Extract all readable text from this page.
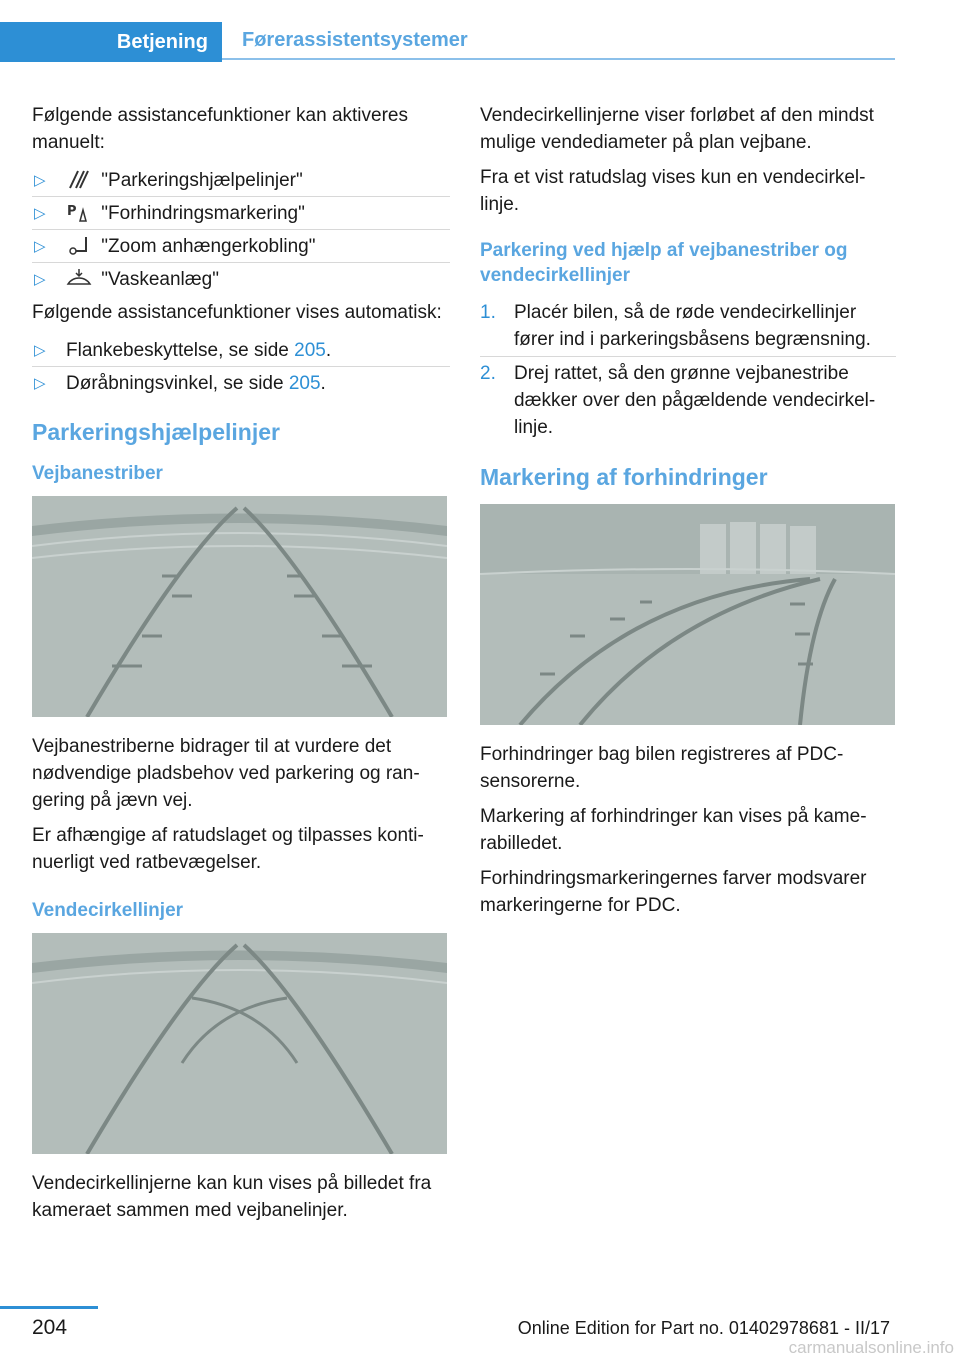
Betjening	Førerassistentsystemer

Følgende assistancefunktioner kan aktiveres manuelt:

▷	"Parkeringshjælpelinjer"
▷ P "Forhindringsmarkering"
▷	"Zoom anhængerkobling"
▷	"Vaskeanlæg"

Følgende assistancefunktioner vises automatisk:

▷ Flankebeskyttelse, se side 205.
▷ Døråbningsvinkel, se side 205.
Parkeringshjælpelinjer
Vejbanestriber

Vejbanestriberne bidrager til at vurdere det nødvendige pladsbehov ved parkering og rangering på jævn vej.

Er afhængige af ratudslaget og tilpasses kontinuerligt ved ratbevægelser.

Vendecirkellinjer

Vendecirkellinjerne kan kun vises på billedet fra kameraet sammen med vejbanelinjer.

Vendecirkellinjerne viser forløbet af den mindst mulige vendediameter på plan vejbane.

Fra et vist ratudslag vises kun en vendecirkellinje.

Parkering ved hjælp af vejbanestriber og vendecirkellinjer
1. Placér bilen, så de røde vendecirkellinjer fører ind i parkeringsbåsens begrænsning.
2. Drej rattet, så den grønne vejbanestribe dækker over den pågældende vendecirkellinje.
Markering af forhindringer

Forhindringer bag bilen registreres af PDC-sensorerne.

Markering af forhindringer kan vises på kamerabilledet.

Forhindringsmarkeringernes farver modsvarer markeringerne for PDC.

204	Online Edition for Part no. 01402978681 - II/17
carmanualsonline.info
